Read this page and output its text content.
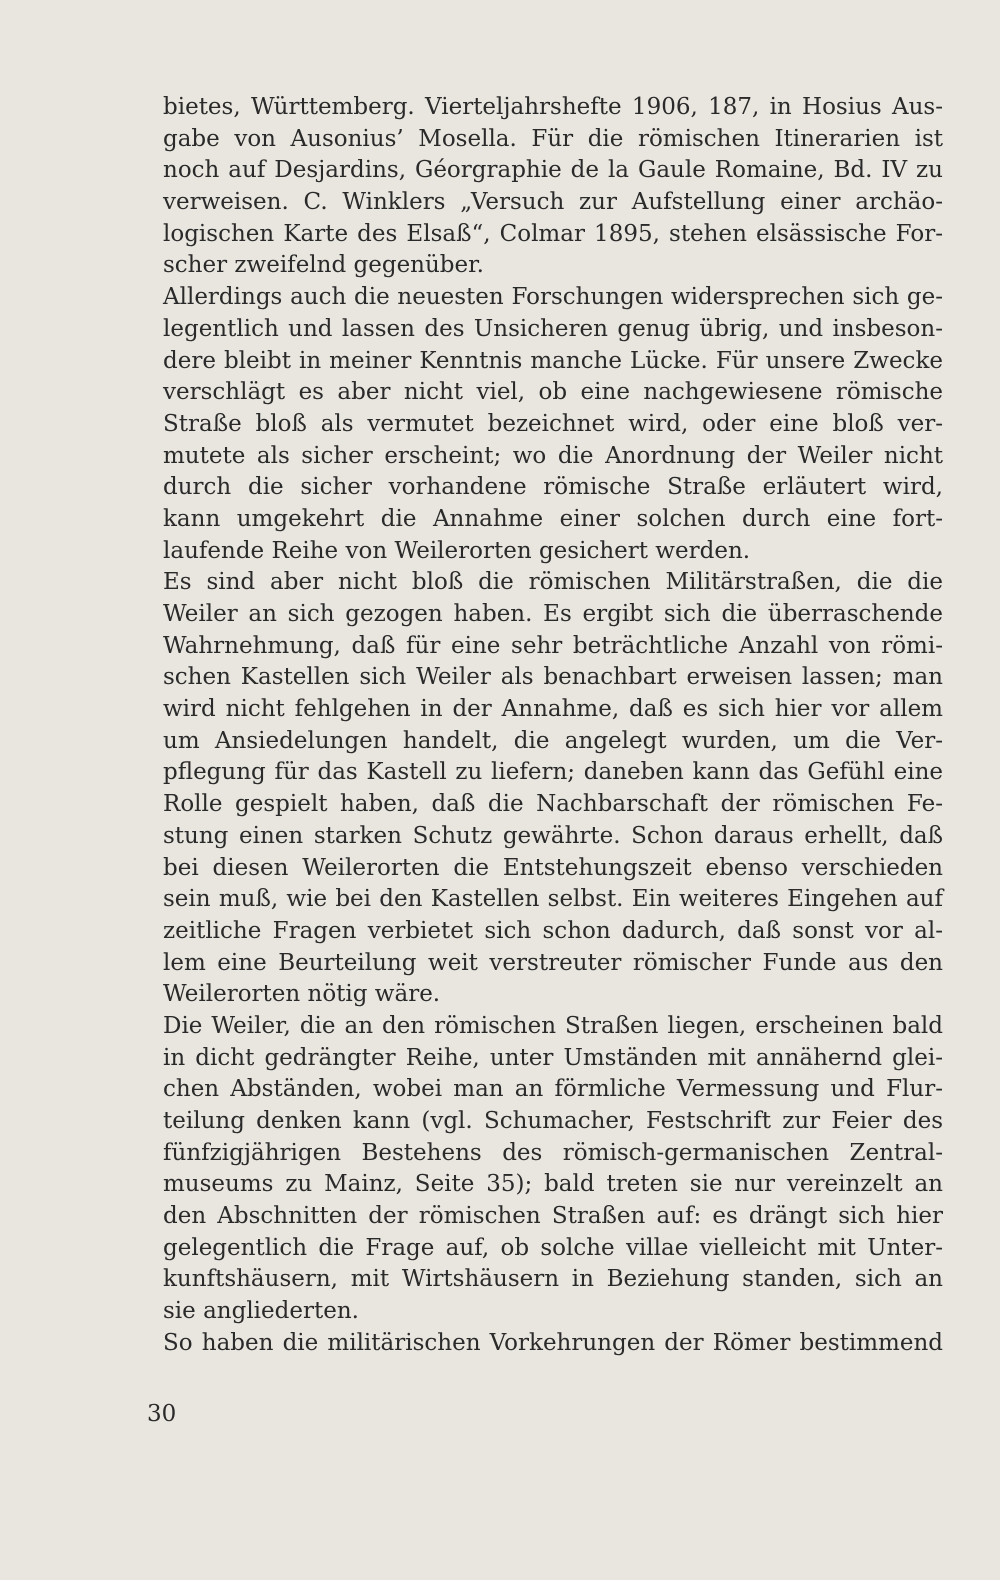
bietes, Württemberg. Vierteljahrshefte 1906, 187, in Hosius Aus-
gabe von Ausonius’ Mosella. Für die römischen Itinerarien ist
noch auf Desjardins, Géorgraphie de la Gaule Romaine, Bd. IV zu
verweisen. C. Winklers „Versuch zur Aufstellung einer archäo-
logischen Karte des Elsaß“, Colmar 1895, stehen elsässische For-
scher zweifelnd gegenüber.
Allerdings auch die neuesten Forschungen widersprechen sich ge-
legentlich und lassen des Unsicheren genug übrig, und insbeson-
dere bleibt in meiner Kenntnis manche Lücke. Für unsere Zwecke
verschlägt es aber nicht viel, ob eine nachgewiesene römische
Straße bloß als vermutet bezeichnet wird, oder eine bloß ver-
mutete als sicher erscheint; wo die Anordnung der Weiler nicht
durch die sicher vorhandene römische Straße erläutert wird,
kann umgekehrt die Annahme einer solchen durch eine fort-
laufende Reihe von Weilerorten gesichert werden.
Es sind aber nicht bloß die römischen Militärstraßen, die die
Weiler an sich gezogen haben. Es ergibt sich die überraschende
Wahrnehmung, daß für eine sehr beträchtliche Anzahl von römi-
schen Kastellen sich Weiler als benachbart erweisen lassen; man
wird nicht fehlgehen in der Annahme, daß es sich hier vor allem
um Ansiedelungen handelt, die angelegt wurden, um die Ver-
pflegung für das Kastell zu liefern; daneben kann das Gefühl eine
Rolle gespielt haben, daß die Nachbarschaft der römischen Fe-
stung einen starken Schutz gewährte. Schon daraus erhellt, daß
bei diesen Weilerorten die Entstehungszeit ebenso verschieden
sein muß, wie bei den Kastellen selbst. Ein weiteres Eingehen auf
zeitliche Fragen verbietet sich schon dadurch, daß sonst vor al-
lem eine Beurteilung weit verstreuter römischer Funde aus den
Weilerorten nötig wäre.
Die Weiler, die an den römischen Straßen liegen, erscheinen bald
in dicht gedrängter Reihe, unter Umständen mit annähernd glei-
chen Abständen, wobei man an förmliche Vermessung und Flur-
teilung denken kann (vgl. Schumacher, Festschrift zur Feier des
fünfzigjährigen Bestehens des römisch-germanischen Zentral-
museums zu Mainz, Seite 35); bald treten sie nur vereinzelt an
den Abschnitten der römischen Straßen auf: es drängt sich hier
gelegentlich die Frage auf, ob solche villae vielleicht mit Unter-
kunftshäusern, mit Wirtshäusern in Beziehung standen, sich an
sie angliederten.
So haben die militärischen Vorkehrungen der Römer bestimmend
30
